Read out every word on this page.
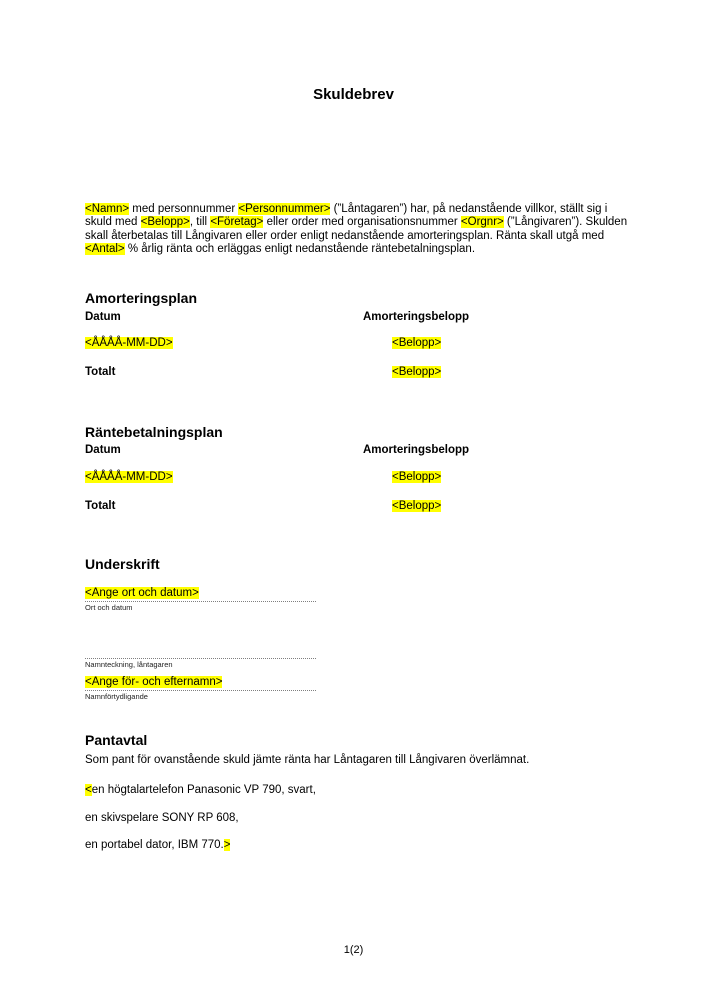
Skuldebrev

<Namn> med personnummer <Personnummer> (”Låntagaren”) har, på nedanstående villkor, ställt sig i skuld med <Belopp>, till <Företag> eller order med organisationsnummer <Orgnr> (”Långivaren”). Skulden skall återbetalas till Långivaren eller order enligt nedanstående amorteringsplan. Ränta skall utgå med <Antal> % årlig ränta och erläggas enligt nedanstående räntebetalningsplan.

Amorteringsplan
Datum	Amorteringsbelopp
<ÅÅÅÅ-MM-DD>	<Belopp>
Totalt	<Belopp>
Räntebetalningsplan
Datum	Amorteringsbelopp
<ÅÅÅÅ-MM-DD>	<Belopp>
Totalt	<Belopp>
Underskrift
<Ange ort och datum>
Ort och datum
Namnteckning, låntagaren
<Ange för- och efternamn>
Namnförtydligande
Pantavtal
Som pant för ovanstående skuld jämte ränta har Låntagaren till Långivaren överlämnat.
<en högtalartelefon Panasonic VP 790, svart,
en skivspelare SONY RP 608,
en portabel dator, IBM 770.>
1(2)
